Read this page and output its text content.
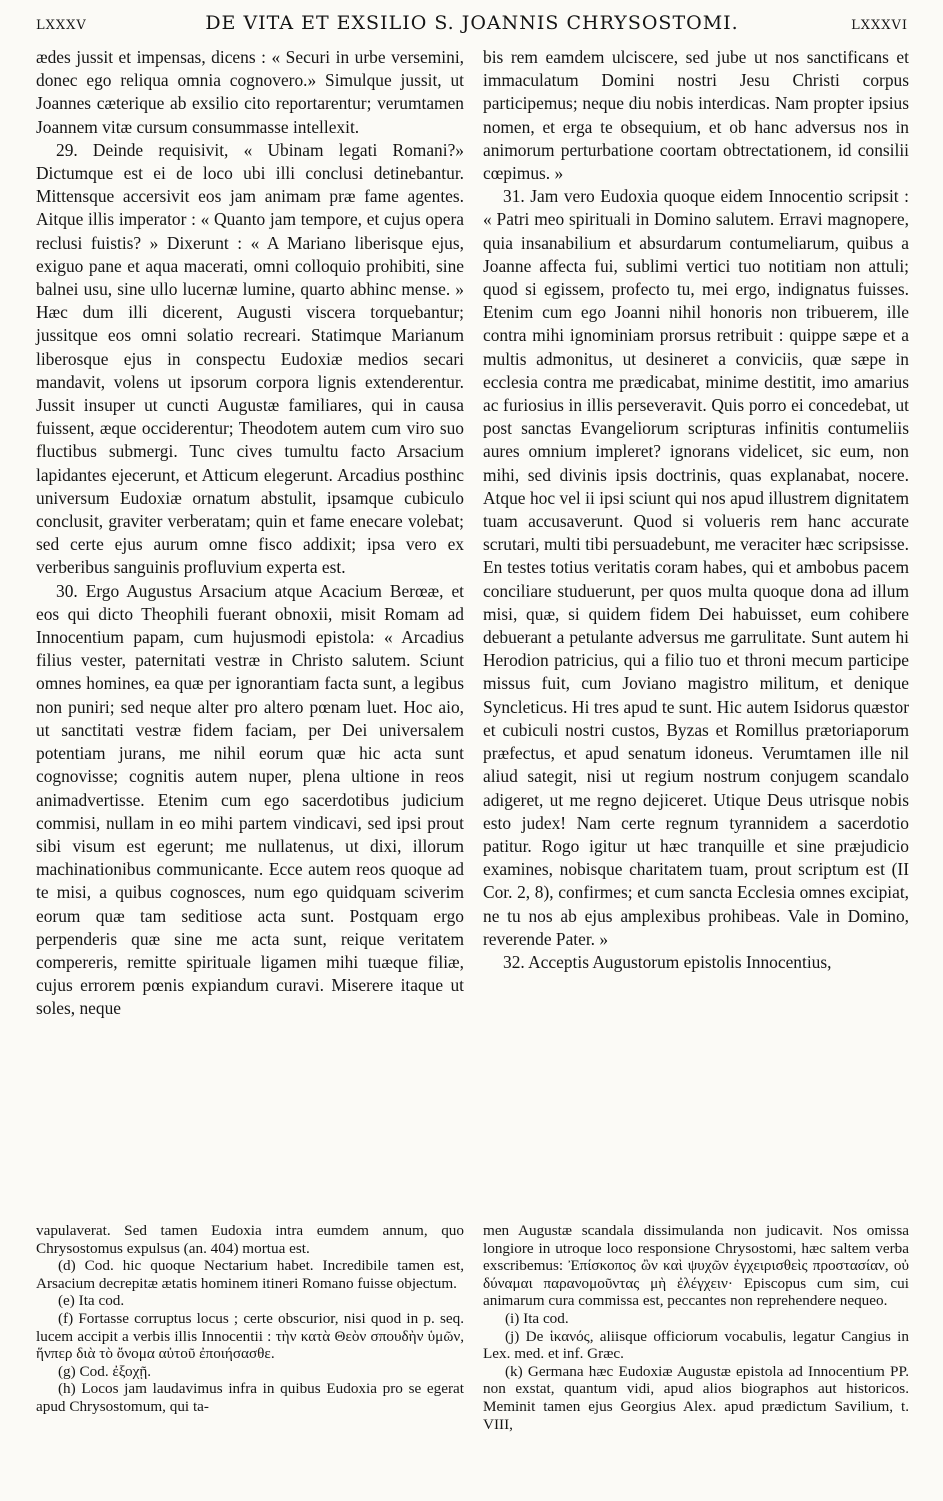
LXXXV	DE VITA ET EXSILIO S. JOANNIS CHRYSOSTOMI.	LXXXVI

ædes jussit et impensas, dicens : « Securi in urbe versemini, donec ego reliqua omnia cognovero.» Simulque jussit, ut Joannes cæterique ab exsilio cito reportarentur; verumtamen Joannem vitæ cursum consummasse intellexit.

29. Deinde requisivit, « Ubinam legati Romani?» Dictumque est ei de loco ubi illi conclusi detinebantur. Mittensque accersivit eos jam animam præ fame agentes. Aitque illis imperator : « Quanto jam tempore, et cujus opera reclusi fuistis? » Dixerunt : « A Mariano liberisque ejus, exiguo pane et aqua macerati, omni colloquio prohibiti, sine balnei usu, sine ullo lucernæ lumine, quarto abhinc mense. » Hæc dum illi dicerent, Augusti viscera torquebantur; jussitque eos omni solatio recreari. Statimque Marianum liberosque ejus in conspectu Eudoxiæ medios secari mandavit, volens ut ipsorum corpora lignis extenderentur. Jussit insuper ut cuncti Augustæ familiares, qui in causa fuissent, æque occiderentur; Theodotem autem cum viro suo fluctibus submergi. Tunc cives tumultu facto Arsacium lapidantes ejecerunt, et Atticum elegerunt. Arcadius posthinc universum Eudoxiæ ornatum abstulit, ipsamque cubiculo conclusit, graviter verberatam; quin et fame enecare volebat; sed certe ejus aurum omne fisco addixit; ipsa vero ex verberibus sanguinis profluvium experta est.

30. Ergo Augustus Arsacium atque Acacium Berœæ, et eos qui dicto Theophili fuerant obnoxii, misit Romam ad Innocentium papam, cum hujusmodi epistola: « Arcadius filius vester, paternitati vestræ in Christo salutem. Sciunt omnes homines, ea quæ per ignorantiam facta sunt, a legibus non puniri; sed neque alter pro altero pœnam luet. Hoc aio, ut sanctitati vestræ fidem faciam, per Dei universalem potentiam jurans, me nihil eorum quæ hic acta sunt cognovisse; cognitis autem nuper, plena ultione in reos animadvertisse. Etenim cum ego sacerdotibus judicium commisi, nullam in eo mihi partem vindicavi, sed ipsi prout sibi visum est egerunt; me nullatenus, ut dixi, illorum machinationibus communicante. Ecce autem reos quoque ad te misi, a quibus cognosces, num ego quidquam sciverim eorum quæ tam seditiose acta sunt. Postquam ergo perpenderis quæ sine me acta sunt, reique veritatem compereris, remitte spirituale ligamen mihi tuæque filiæ, cujus errorem pœnis expiandum curavi. Miserere itaque ut soles, neque

bis rem eamdem ulciscere, sed jube ut nos sanctificans et immaculatum Domini nostri Jesu Christi corpus participemus; neque diu nobis interdicas. Nam propter ipsius nomen, et erga te obsequium, et ob hanc adversus nos in animorum perturbatione coortam obtrectationem, id consilii cœpimus. »

31. Jam vero Eudoxia quoque eidem Innocentio scripsit : « Patri meo spirituali in Domino salutem. Erravi magnopere, quia insanabilium et absurdarum contumeliarum, quibus a Joanne affecta fui, sublimi vertici tuo notitiam non attuli; quod si egissem, profecto tu, mei ergo, indignatus fuisses. Etenim cum ego Joanni nihil honoris non tribuerem, ille contra mihi ignominiam prorsus retribuit : quippe sæpe et a multis admonitus, ut desineret a conviciis, quæ sæpe in ecclesia contra me prædicabat, minime destitit, imo amarius ac furiosius in illis perseveravit. Quis porro ei concedebat, ut post sanctas Evangeliorum scripturas infinitis contumeliis aures omnium impleret? ignorans videlicet, sic eum, non mihi, sed divinis ipsis doctrinis, quas explanabat, nocere. Atque hoc vel ii ipsi sciunt qui nos apud illustrem dignitatem tuam accusaverunt. Quod si volueris rem hanc accurate scrutari, multi tibi persuadebunt, me veraciter hæc scripsisse. En testes totius veritatis coram habes, qui et ambobus pacem conciliare studuerunt, per quos multa quoque dona ad illum misi, quæ, si quidem fidem Dei habuisset, eum cohibere debuerant a petulante adversus me garrulitate. Sunt autem hi Herodion patricius, qui a filio tuo et throni mecum participe missus fuit, cum Joviano magistro militum, et denique Syncleticus. Hi tres apud te sunt. Hic autem Isidorus quæstor et cubiculi nostri custos, Byzas et Romillus prætoriaporum præfectus, et apud senatum idoneus. Verumtamen ille nil aliud sategit, nisi ut regium nostrum conjugem scandalo adigeret, ut me regno dejiceret. Utique Deus utrisque nobis esto judex! Nam certe regnum tyrannidem a sacerdotio patitur. Rogo igitur ut hæc tranquille et sine præjudicio examines, nobisque charitatem tuam, prout scriptum est (II Cor. 2, 8), confirmes; et cum sancta Ecclesia omnes excipiat, ne tu nos ab ejus amplexibus prohibeas. Vale in Domino, reverende Pater. »

32. Acceptis Augustorum epistolis Innocentius,

vapulaverat. Sed tamen Eudoxia intra eumdem annum, quo Chrysostomus expulsus (an. 404) mortua est.

(d) Cod. hic quoque Nectarium habet. Incredibile tamen est, Arsacium decrepitæ ætatis hominem itineri Romano fuisse objectum.

(e) Ita cod.

(f) Fortasse corruptus locus ; certe obscurior, nisi quod in p. seq. lucem accipit a verbis illis Innocentii : τὴν κατὰ Θεὸν σπουδὴν ὑμῶν, ἥνπερ διὰ τὸ ὄνομα αὐτοῦ ἐποιήσασθε.

(g) Cod. ἐξοχῇ.

(h) Locos jam laudavimus infra in quibus Eudoxia pro se egerat apud Chrysostomum, qui ta-

men Augustæ scandala dissimulanda non judicavit. Nos omissa longiore in utroque loco responsione Chrysostomi, hæc saltem verba exscribemus: Ἐπίσκοπος ὢν καὶ ψυχῶν ἐγχειρισθεὶς προστασίαν, οὐ δύναμαι παρανομοῦντας μὴ ἐλέγχειν· Episcopus cum sim, cui animarum cura commissa est, peccantes non reprehendere nequeo.

(i) Ita cod.

(j) De ἱκανός, aliisque officiorum vocabulis, legatur Cangius in Lex. med. et inf. Græc.

(k) Germana hæc Eudoxiæ Augustæ epistola ad Innocentium PP. non exstat, quantum vidi, apud alios biographos aut historicos. Meminit tamen ejus Georgius Alex. apud prædictum Savilium, t. VIII,
